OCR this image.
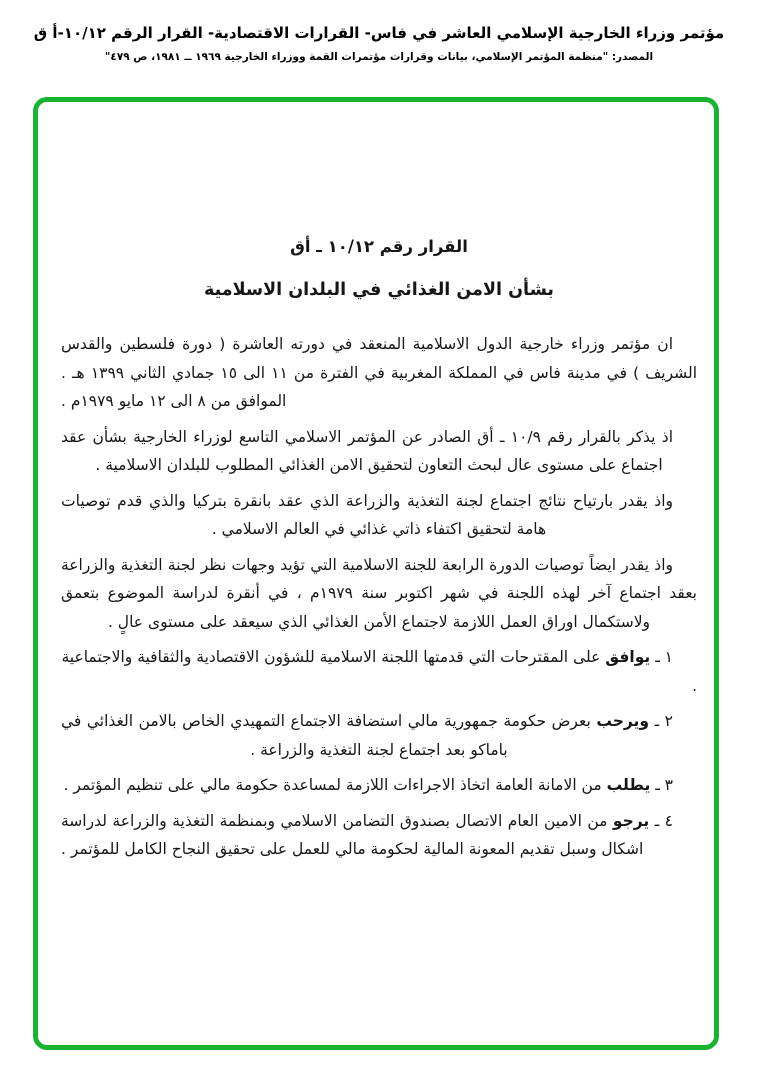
مؤتمر وزراء الخارجية الإسلامي العاشر في فاس- القرارات الاقتصادية- القرار الرقم ١٠/١٢-أ ق
المصدر: "منظمة المؤتمر الإسلامي، بيانات وقرارات مؤتمرات القمة ووزراء الخارجية ١٩٦٩ ــ ١٩٨١، ص ٤٧٩"

القرار رقم ١٠/١٢ ـ أق

بشأن الامن الغذائي في البلدان الاسلامية

ان مؤتمر وزراء خارجية الدول الاسلامية المنعقد في دورته العاشرة ( دورة فلسطين والقدس الشريف ) في مدينة فاس في المملكة المغربية في الفترة من ١١ الى ١٥ جمادي الثاني ١٣٩٩ هـ . الموافق من ٨ الى ١٢ مايو ١٩٧٩م .

اذ يذكر بالقرار رقم ١٠/٩ ـ أق الصادر عن المؤتمر الاسلامي التاسع لوزراء الخارجية بشأن عقد اجتماع على مستوى عال لبحث التعاون لتحقيق الامن الغذائي المطلوب للبلدان الاسلامية .

واذ يقدر بارتياح نتائج اجتماع لجنة التغذية والزراعة الذي عقد بانقرة بتركيا والذي قدم توصيات هامة لتحقيق اكتفاء ذاتي غذائي في العالم الاسلامي .

واذ يقدر ايضاً توصيات الدورة الرابعة للجنة الاسلامية التي تؤيد وجهات نظر لجنة التغذية والزراعة بعقد اجتماع آخر لهذه اللجنة في شهر اكتوبر سنة ١٩٧٩م ، في أنقرة لدراسة الموضوع بتعمق ولاستكمال اوراق العمل اللازمة لاجتماع الأمن الغذائي الذي سيعقد على مستوى عالٍ .

١ ـ يوافق على المقترحات التي قدمتها اللجنة الاسلامية للشؤون الاقتصادية والثقافية والاجتماعية .

٢ ـ ويرحب بعرض حكومة جمهورية مالي استضافة الاجتماع التمهيدي الخاص بالامن الغذائي في باماكو بعد اجتماع لجنة التغذية والزراعة .

٣ ـ يطلب من الامانة العامة اتخاذ الاجراءات اللازمة لمساعدة حكومة مالي على تنظيم المؤتمر .

٤ ـ يرجو من الامين العام الاتصال بصندوق التضامن الاسلامي وبمنظمة التغذية والزراعة لدراسة اشكال وسبل تقديم المعونة المالية لحكومة مالي للعمل على تحقيق النجاح الكامل للمؤتمر .
